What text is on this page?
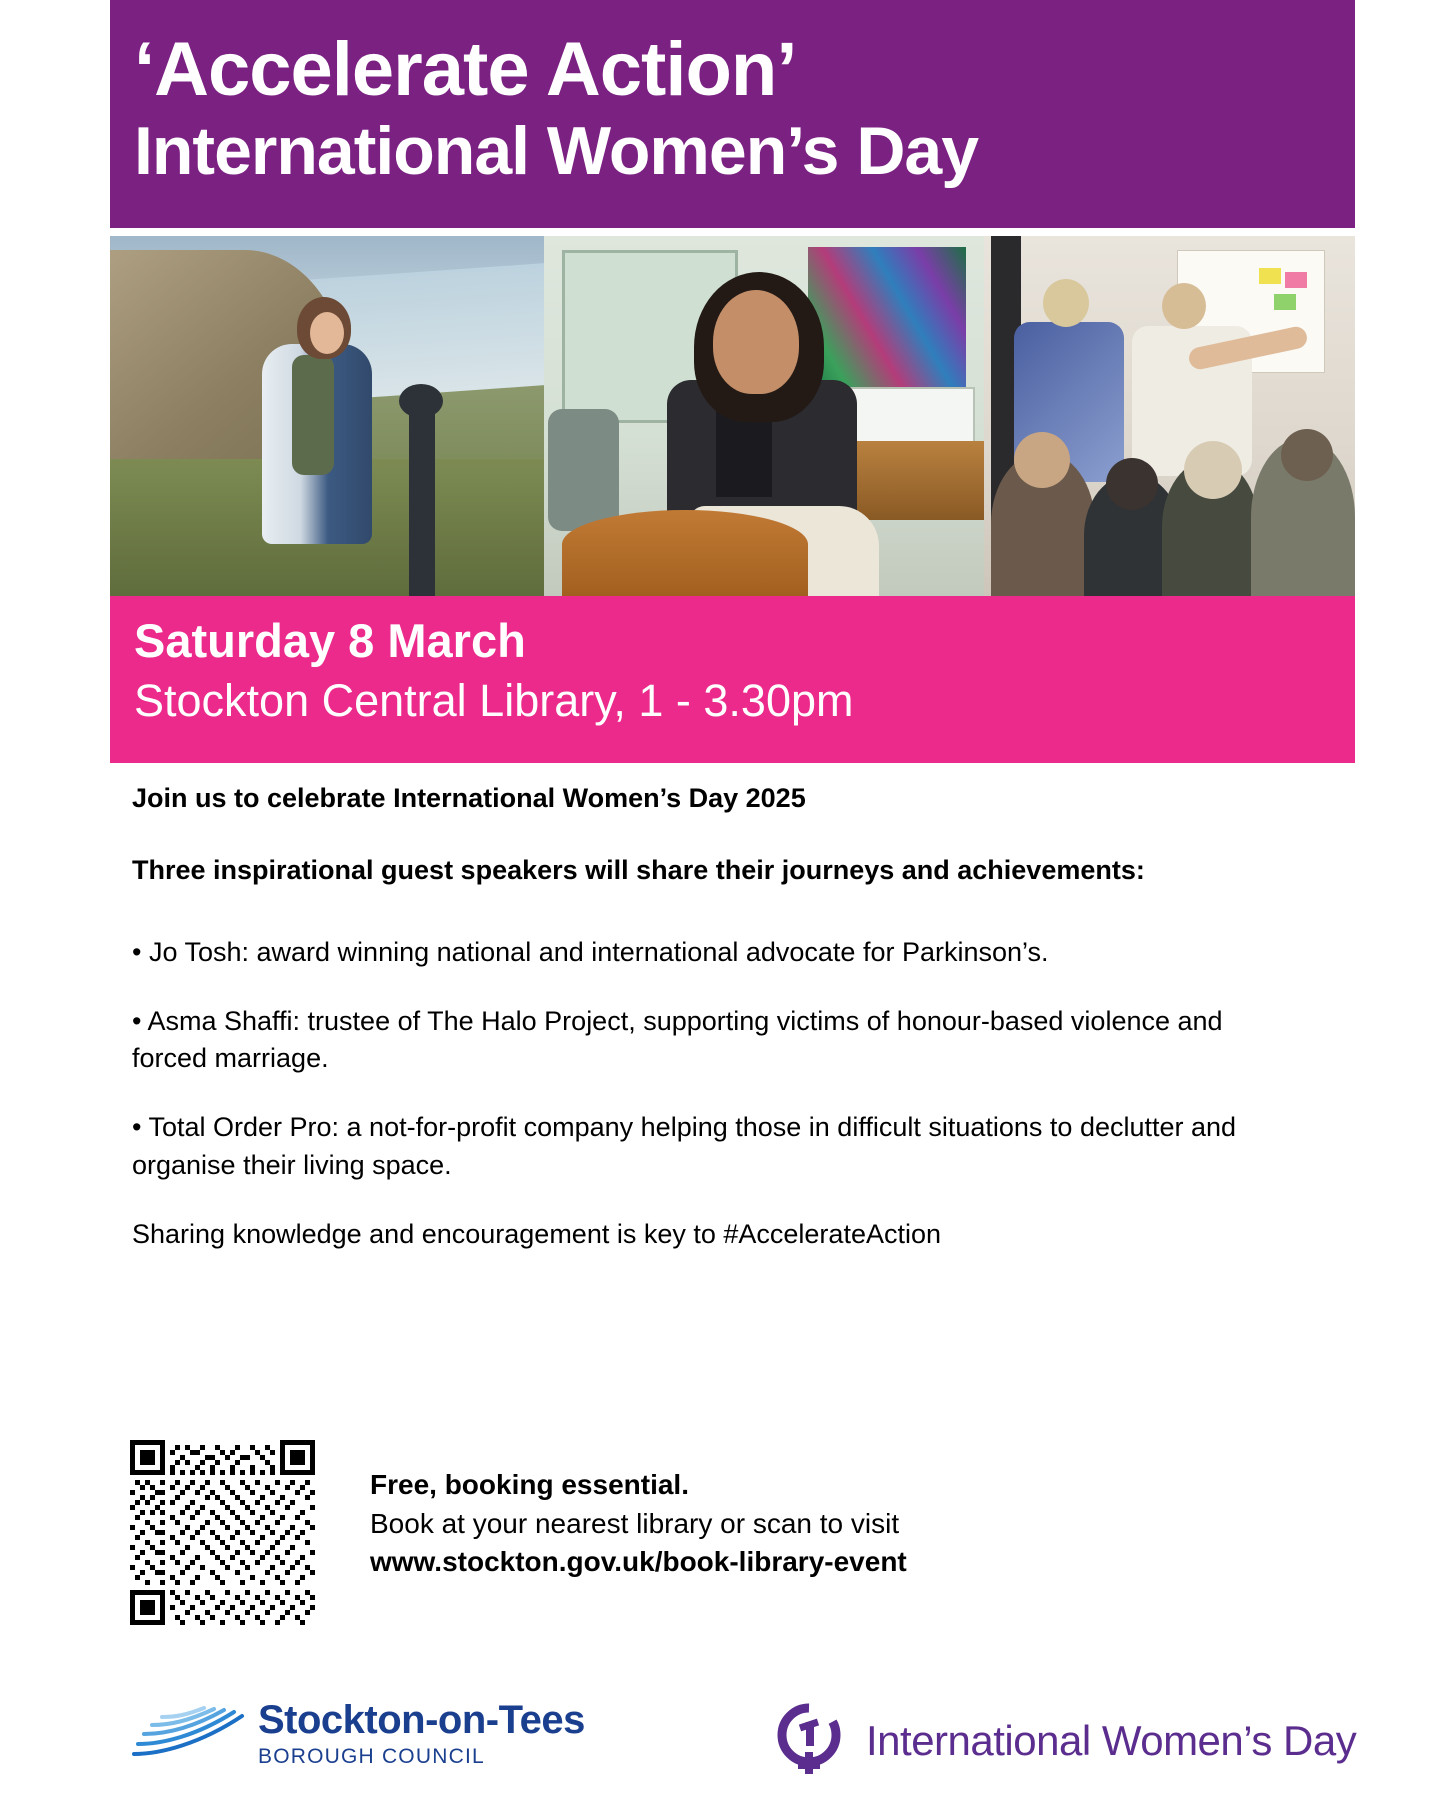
‘Accelerate Action’
International Women’s Day
Saturday 8 March
Stockton Central Library, 1 - 3.30pm

Join us to celebrate International Women’s Day 2025

Three inspirational guest speakers will share their journeys and achievements:

• Jo Tosh: award winning national and international advocate for Parkinson’s.

• Asma Shaffi: trustee of The Halo Project, supporting victims of honour-based violence and forced marriage.

• Total Order Pro: a not-for-profit company helping those in difficult situations to declutter and organise their living space.

Sharing knowledge and encouragement is key to #AccelerateAction

Free, booking essential.
Book at your nearest library or scan to visit
www.stockton.gov.uk/book-library-event
Stockton-on-Tees
BOROUGH COUNCIL	International Women’s Day
